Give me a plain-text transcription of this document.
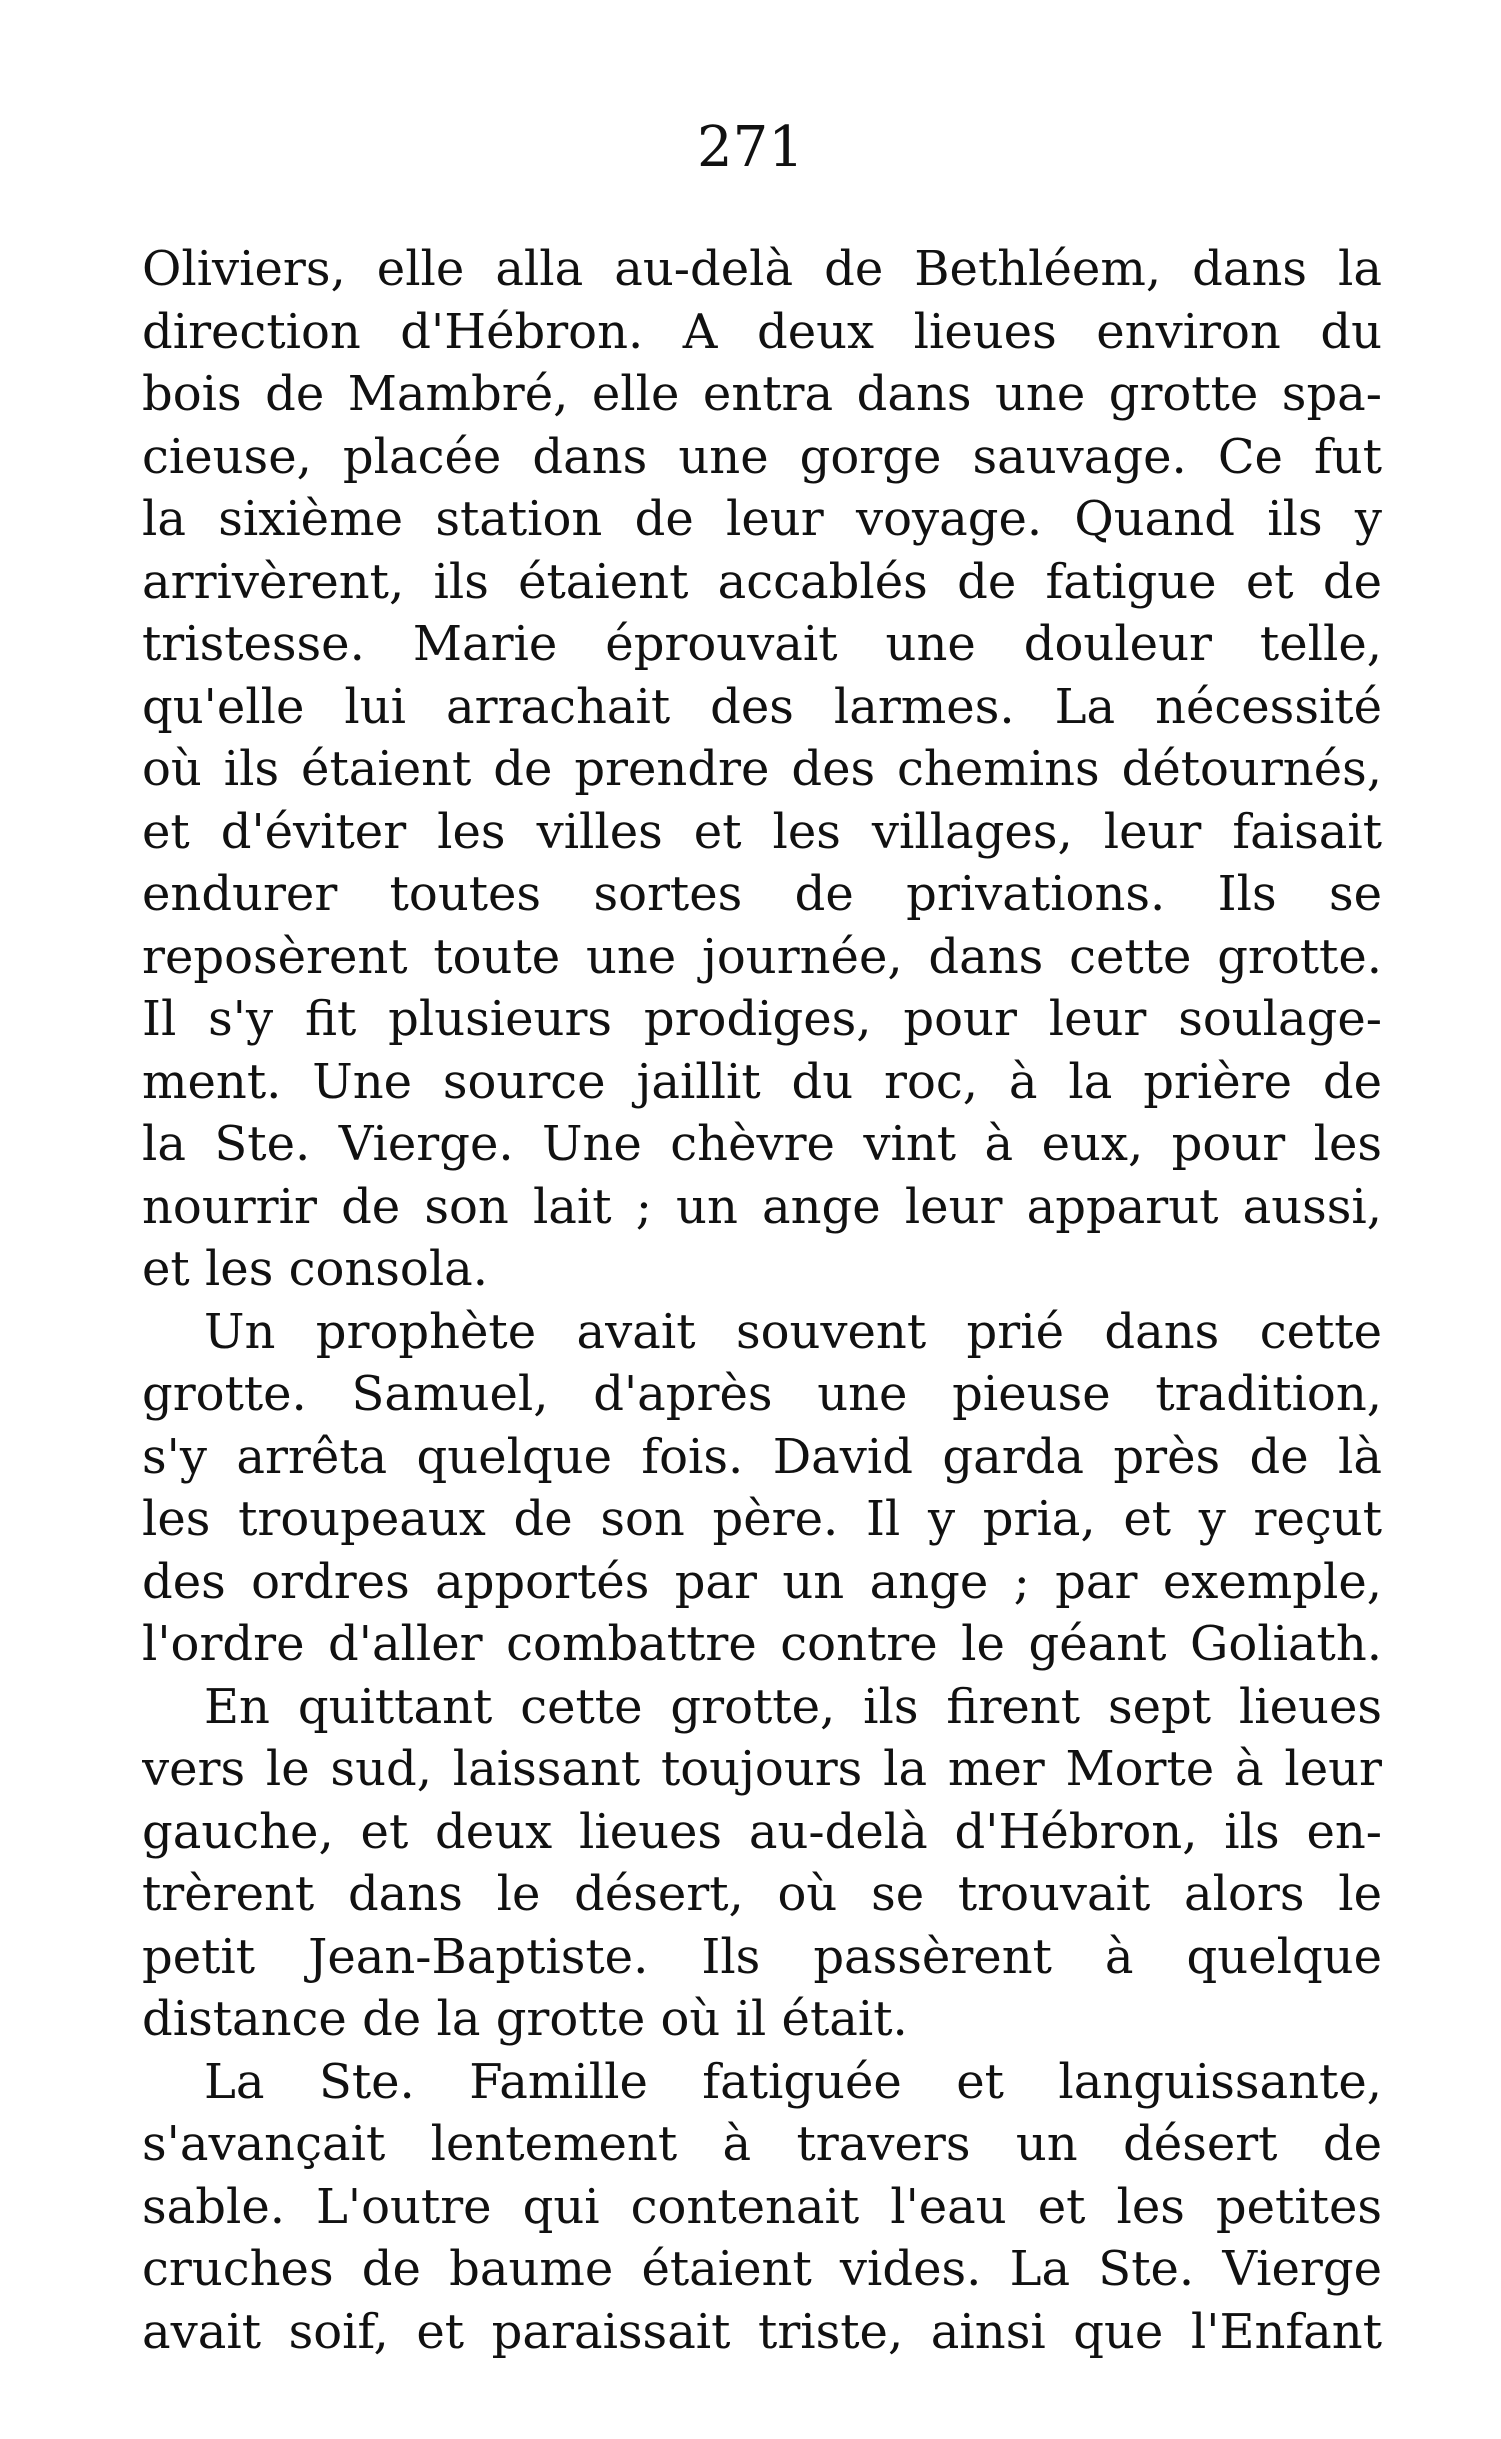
271
Oliviers, elle alla au-delà de Bethléem, dans la
direction d'Hébron. A deux lieues environ du
bois de Mambré, elle entra dans une grotte spa-
cieuse, placée dans une gorge sauvage. Ce fut
la sixième station de leur voyage. Quand ils y
arrivèrent, ils étaient accablés de fatigue et de
tristesse. Marie éprouvait une douleur telle,
qu'elle lui arrachait des larmes. La nécessité
où ils étaient de prendre des chemins détournés,
et d'éviter les villes et les villages, leur faisait
endurer toutes sortes de privations. Ils se
reposèrent toute une journée, dans cette grotte.
Il s'y fit plusieurs prodiges, pour leur soulage-
ment. Une source jaillit du roc, à la prière de
la Ste. Vierge. Une chèvre vint à eux, pour les
nourrir de son lait ; un ange leur apparut aussi,
et les consola.
Un prophète avait souvent prié dans cette
grotte. Samuel, d'après une pieuse tradition,
s'y arrêta quelque fois. David garda près de là
les troupeaux de son père. Il y pria, et y reçut
des ordres apportés par un ange ; par exemple,
l'ordre d'aller combattre contre le géant Goliath.
En quittant cette grotte, ils firent sept lieues
vers le sud, laissant toujours la mer Morte à leur
gauche, et deux lieues au-delà d'Hébron, ils en-
trèrent dans le désert, où se trouvait alors le
petit Jean-Baptiste. Ils passèrent à quelque
distance de la grotte où il était.
La Ste. Famille fatiguée et languissante,
s'avançait lentement à travers un désert de
sable. L'outre qui contenait l'eau et les petites
cruches de baume étaient vides. La Ste. Vierge
avait soif, et paraissait triste, ainsi que l'Enfant
